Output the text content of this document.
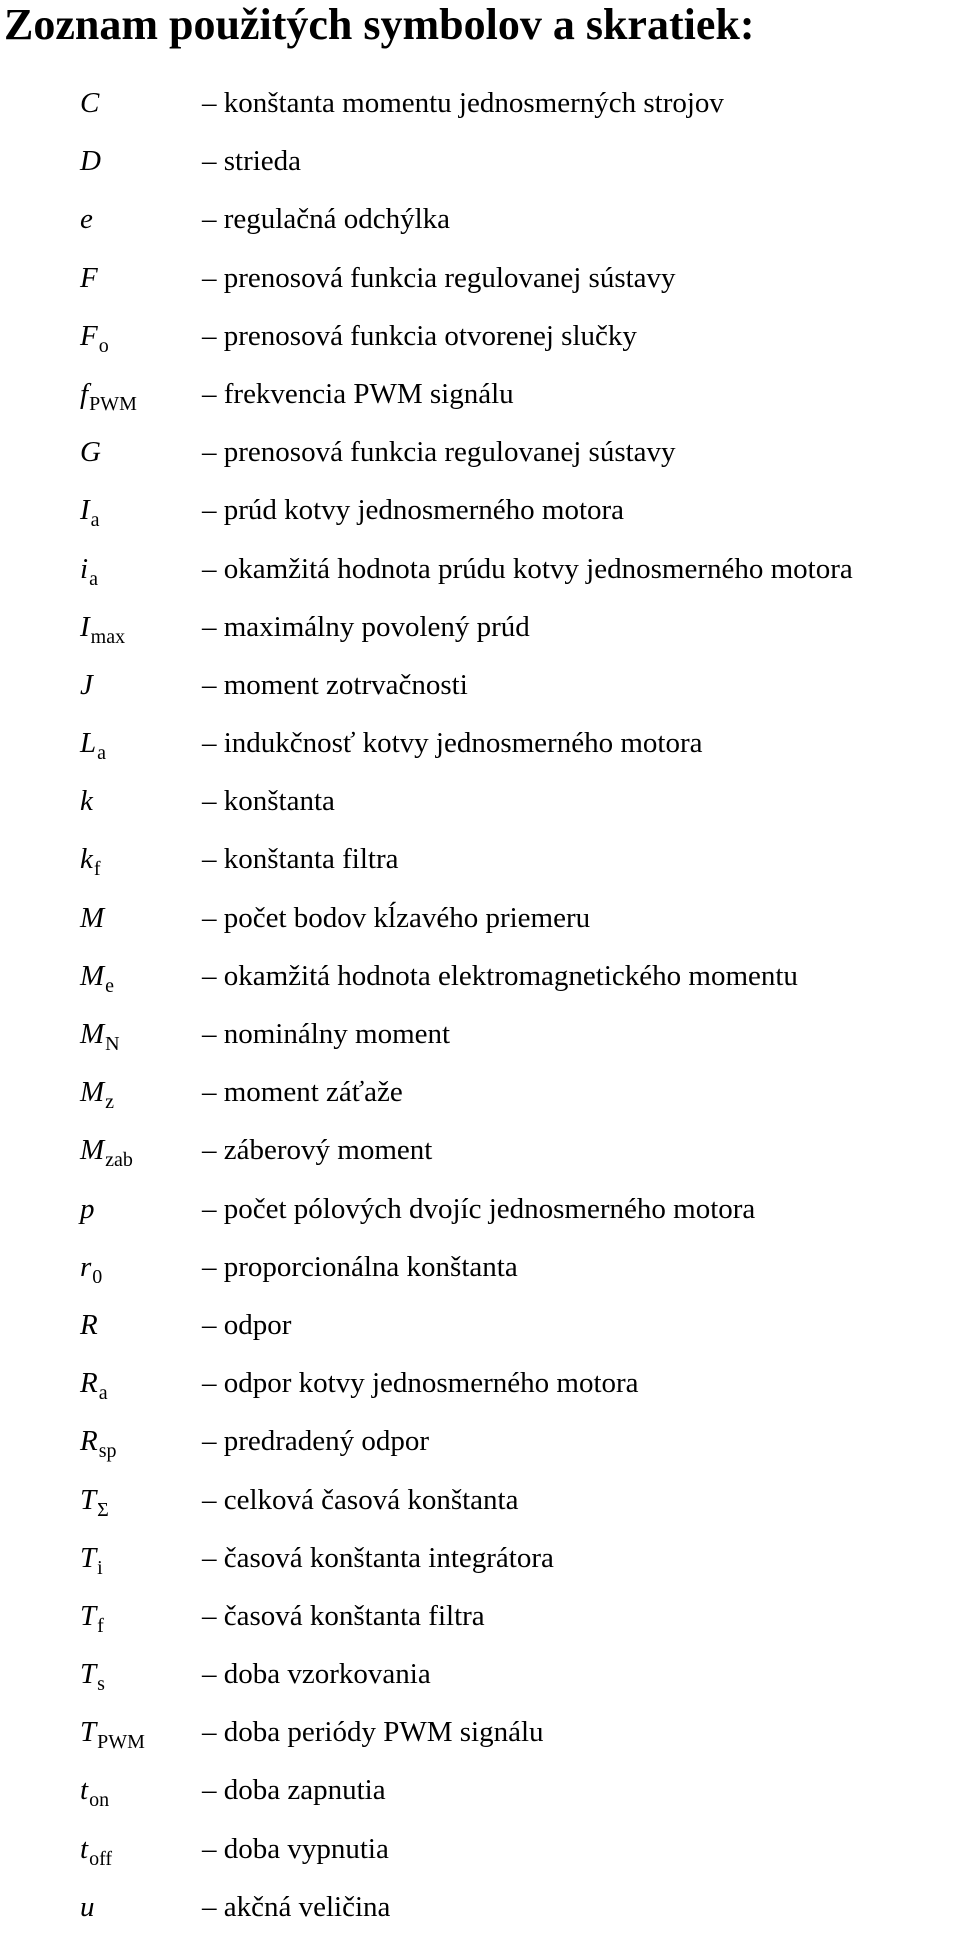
Zoznam použitých symbolov a skratiek:
C	– konštanta momentu jednosmerných strojov
D	– strieda
e	– regulačná odchýlka
F	– prenosová funkcia regulovanej sústavy
$F_o$	– prenosová funkcia otvorenej slučky
$f_{PWM}$ – frekvencia PWM signálu
G	– prenosová funkcia regulovanej sústavy
$I_a$	– prúd kotvy jednosmerného motora
$i_a$	– okamžitá hodnota prúdu kotvy jednosmerného motora
$I_{max}$	– maximálny povolený prúd
J	– moment zotrvačnosti
$L_a$	– indukčnosť kotvy jednosmerného motora
k	– konštanta
$k_f$	– konštanta filtra
M	– počet bodov kĺzavého priemeru
$M_e$	– okamžitá hodnota elektromagnetického momentu
$M_N$	– nominálny moment
$M_z$	– moment záťaže
$M_{zab}$ – záberový moment
p	– počet pólových dvojíc jednosmerného motora
$r_0$	– proporcionálna konštanta
R	– odpor
$R_a$	– odpor kotvy jednosmerného motora
$R_{sp}$	– predradený odpor
$T_\Sigma$	– celková časová konštanta
$T_i$	– časová konštanta integrátora
$T_f$	– časová konštanta filtra
$T_s$	– doba vzorkovania
$T_{PWM}$ – doba periódy PWM signálu
$t_{on}$	– doba zapnutia
$t_{off}$	– doba vypnutia
u	– akčná veličina
